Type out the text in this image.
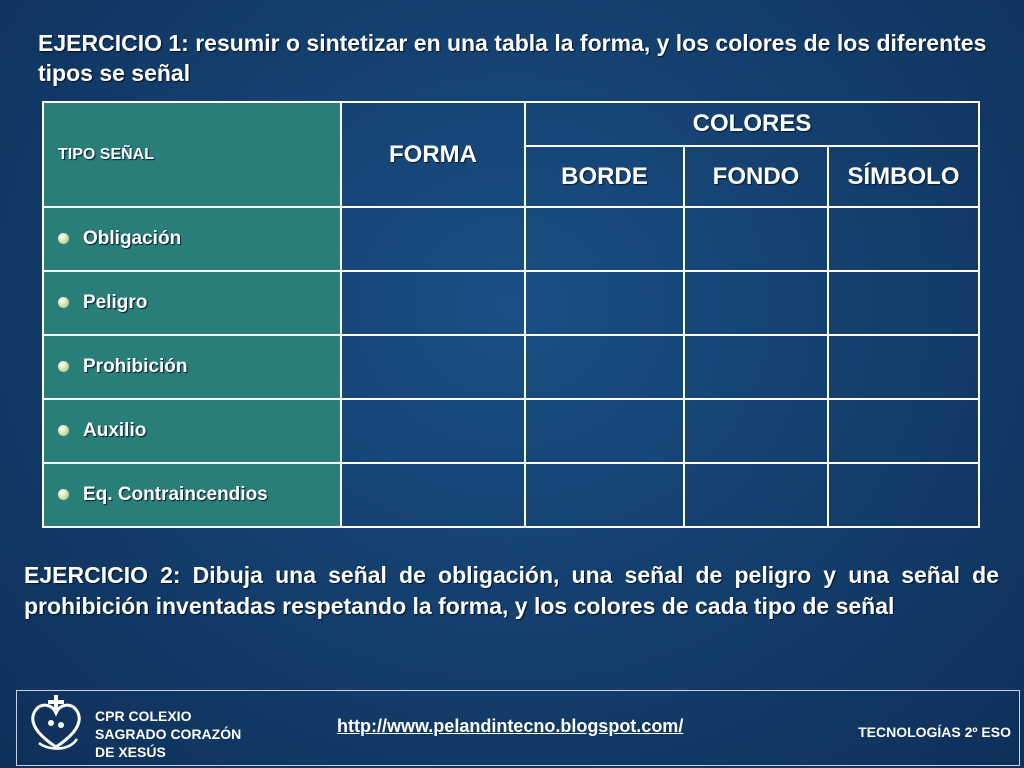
EJERCICIO 1: resumir o sintetizar en una tabla la forma, y los colores de los diferentes tipos se señal
TIPO SEÑAL	FORMA	COLORES		
		BORDE	FONDO	SÍMBOLO
Obligación				
Peligro				
Prohibición				
Auxilio				
Eq. Contraincendios				
EJERCICIO 2: Dibuja una señal de obligación, una señal de peligro y una señal de prohibición inventadas respetando la forma, y los colores de cada tipo de señal
CPR COLEXIO
SAGRADO CORAZÓN
DE XESÚS
http://www.pelandintecno.blogspot.com/	TECNOLOGÍAS 2º ESO
